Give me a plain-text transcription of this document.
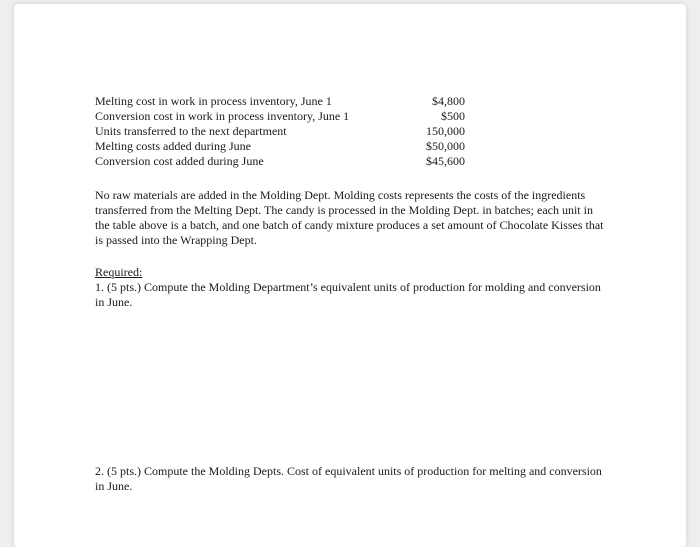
Melting cost in work in process inventory, June 1	$4,800
Conversion cost in work in process inventory, June 1	$500
Units transferred to the next department	150,000
Melting costs added during June	$50,000
Conversion cost added during June	$45,600

No raw materials are added in the Molding Dept. Molding costs represents the costs of the ingredients transferred from the Melting Dept. The candy is processed in the Molding Dept. in batches; each unit in the table above is a batch, and one batch of candy mixture produces a set amount of Chocolate Kisses that is passed into the Wrapping Dept.

Required:

1. (5 pts.) Compute the Molding Department’s equivalent units of production for molding and conversion in June.

2. (5 pts.) Compute the Molding Depts. Cost of equivalent units of production for melting and conversion in June.
